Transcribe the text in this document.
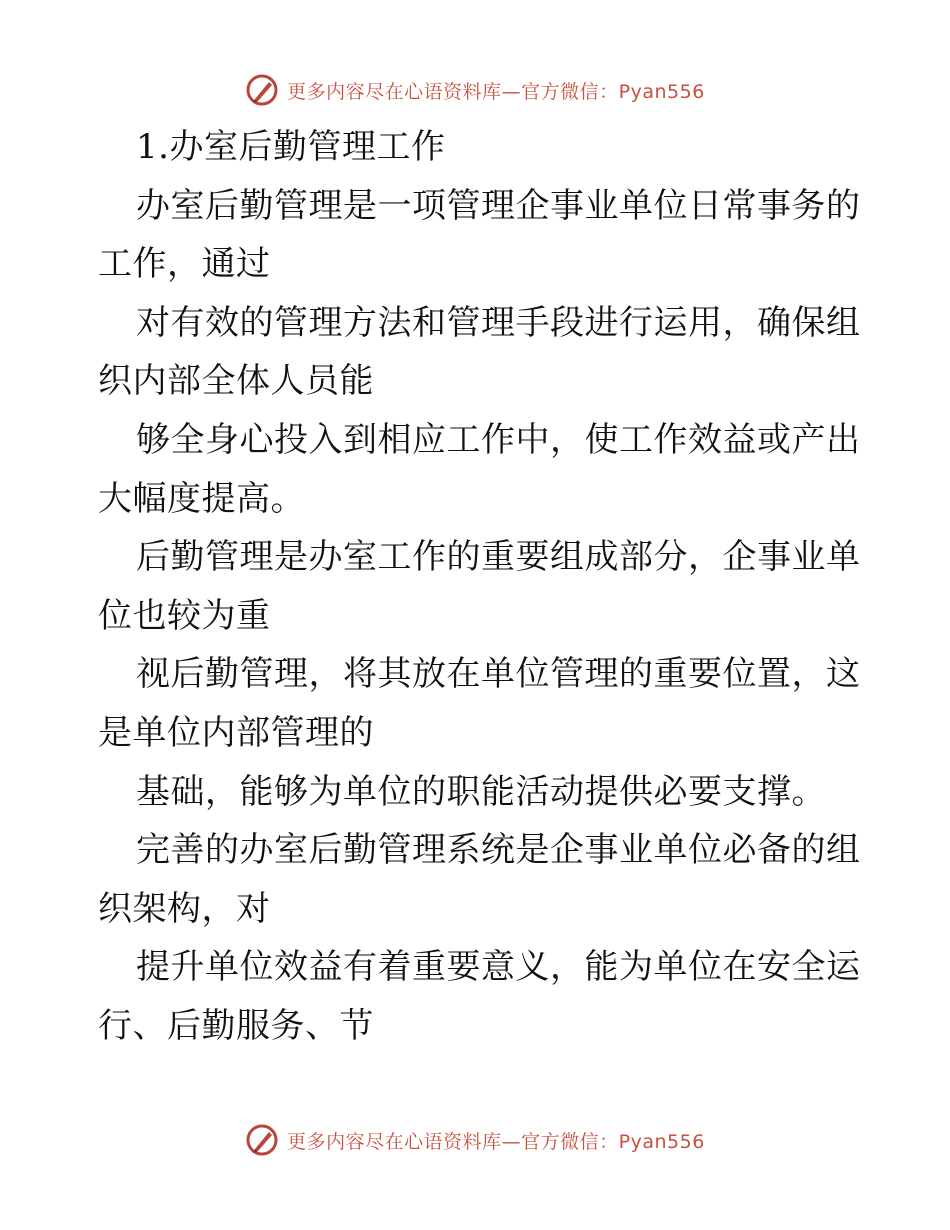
更多内容尽在心语资料库—官方微信：Pyan556
1.办室后勤管理工作
办室后勤管理是一项管理企事业单位日常事务的
工作，通过
对有效的管理方法和管理手段进行运用，确保组
织内部全体人员能
够全身心投入到相应工作中，使工作效益或产出
大幅度提高。
后勤管理是办室工作的重要组成部分，企事业单
位也较为重
视后勤管理，将其放在单位管理的重要位置，这
是单位内部管理的
基础，能够为单位的职能活动提供必要支撑。
完善的办室后勤管理系统是企事业单位必备的组
织架构，对
提升单位效益有着重要意义，能为单位在安全运
行、后勤服务、节
更多内容尽在心语资料库—官方微信：Pyan556
